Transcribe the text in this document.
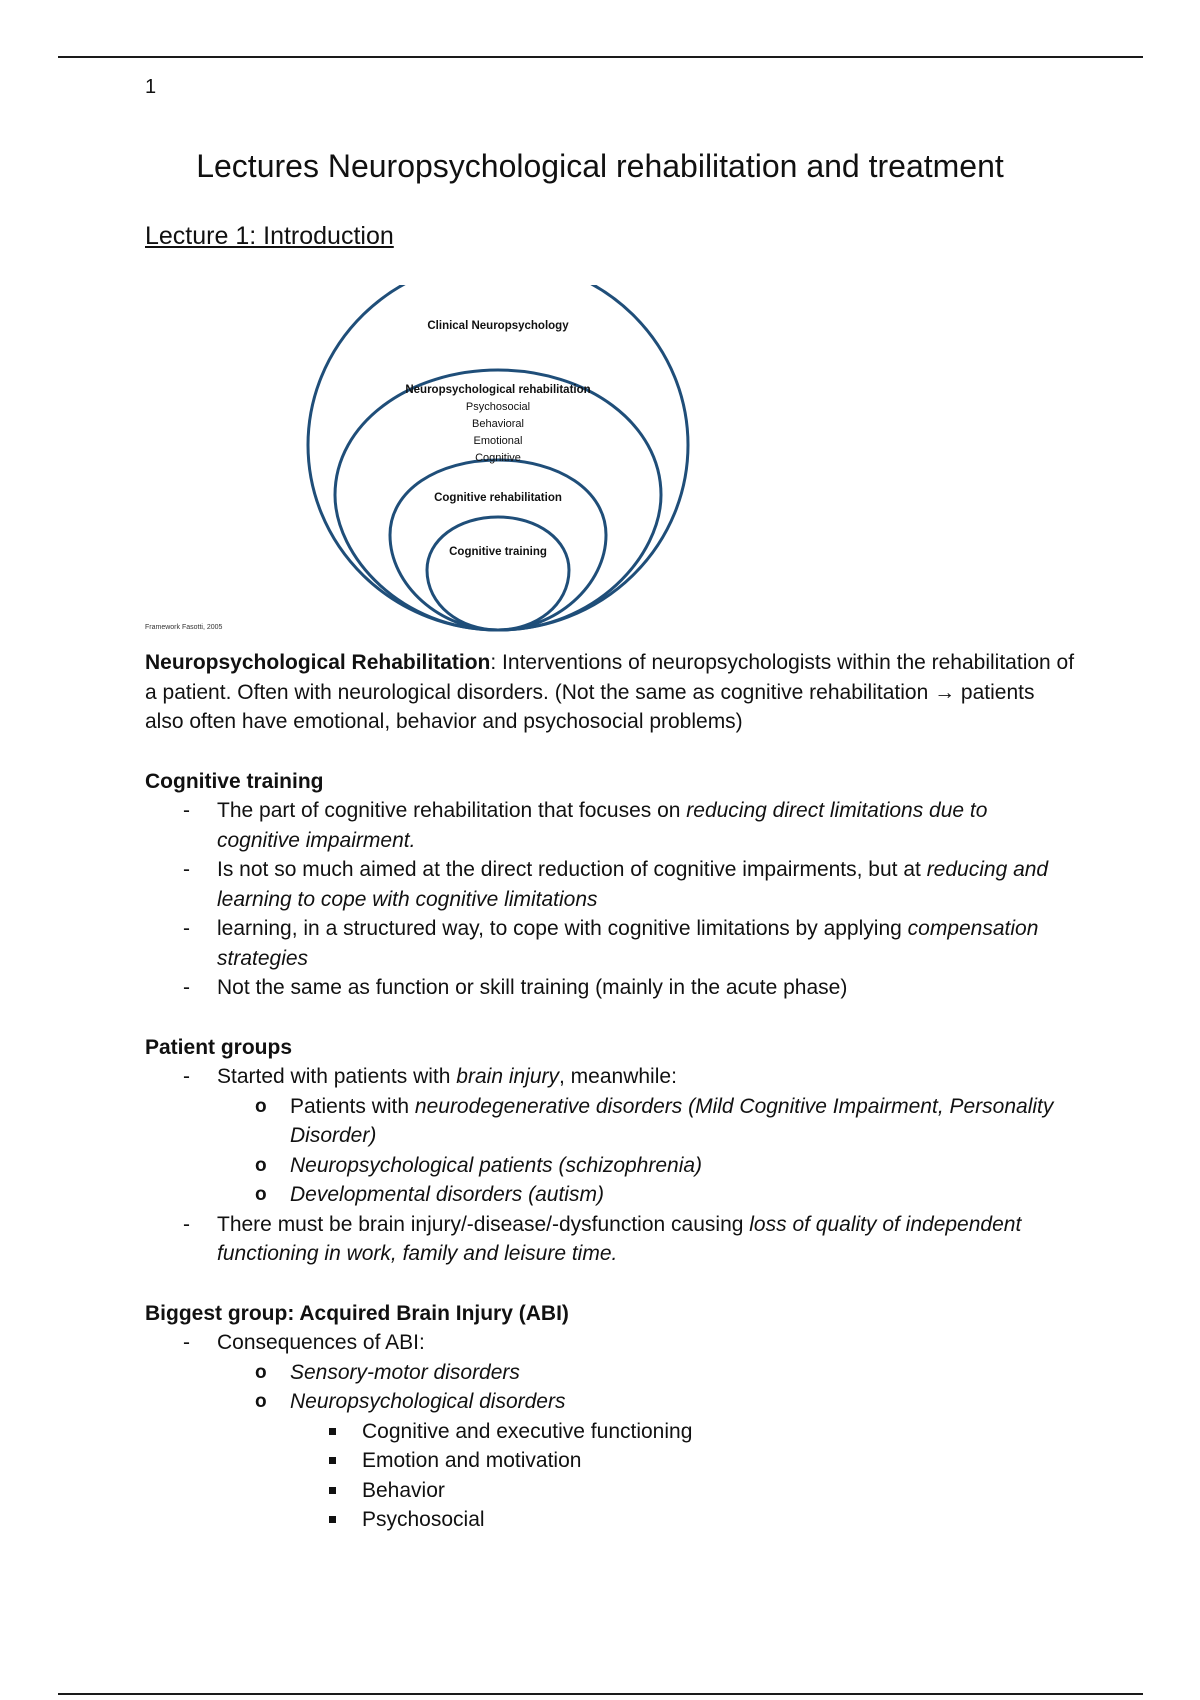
1
Lectures Neuropsychological rehabilitation and treatment
Lecture 1: Introduction
Clinical Neuropsychology
Neuropsychological rehabilitation
Psychosocial
Behavioral
Emotional
Cognitive
Cognitive rehabilitation
Cognitive training
Framework Fasotti, 2005

Neuropsychological Rehabilitation: Interventions of neuropsychologists within the rehabilitation of a patient. Often with neurological disorders. (Not the same as cognitive rehabilitation → patients also often have emotional, behavior and psychosocial problems)

Cognitive training

- The part of cognitive rehabilitation that focuses on reducing direct limitations due to cognitive impairment.
- Is not so much aimed at the direct reduction of cognitive impairments, but at reducing and learning to cope with cognitive limitations
- learning, in a structured way, to cope with cognitive limitations by applying compensation strategies
- Not the same as function or skill training (mainly in the acute phase)

Patient groups

- Started with patients with brain injury, meanwhile:
o Patients with neurodegenerative disorders (Mild Cognitive Impairment, Personality Disorder)
o Neuropsychological patients (schizophrenia)
o Developmental disorders (autism)
- There must be brain injury/-disease/-dysfunction causing loss of quality of independent functioning in work, family and leisure time.

Biggest group: Acquired Brain Injury (ABI)

- Consequences of ABI:
o Sensory-motor disorders
o Neuropsychological disorders
Cognitive and executive functioning
Emotion and motivation
Behavior
Psychosocial
